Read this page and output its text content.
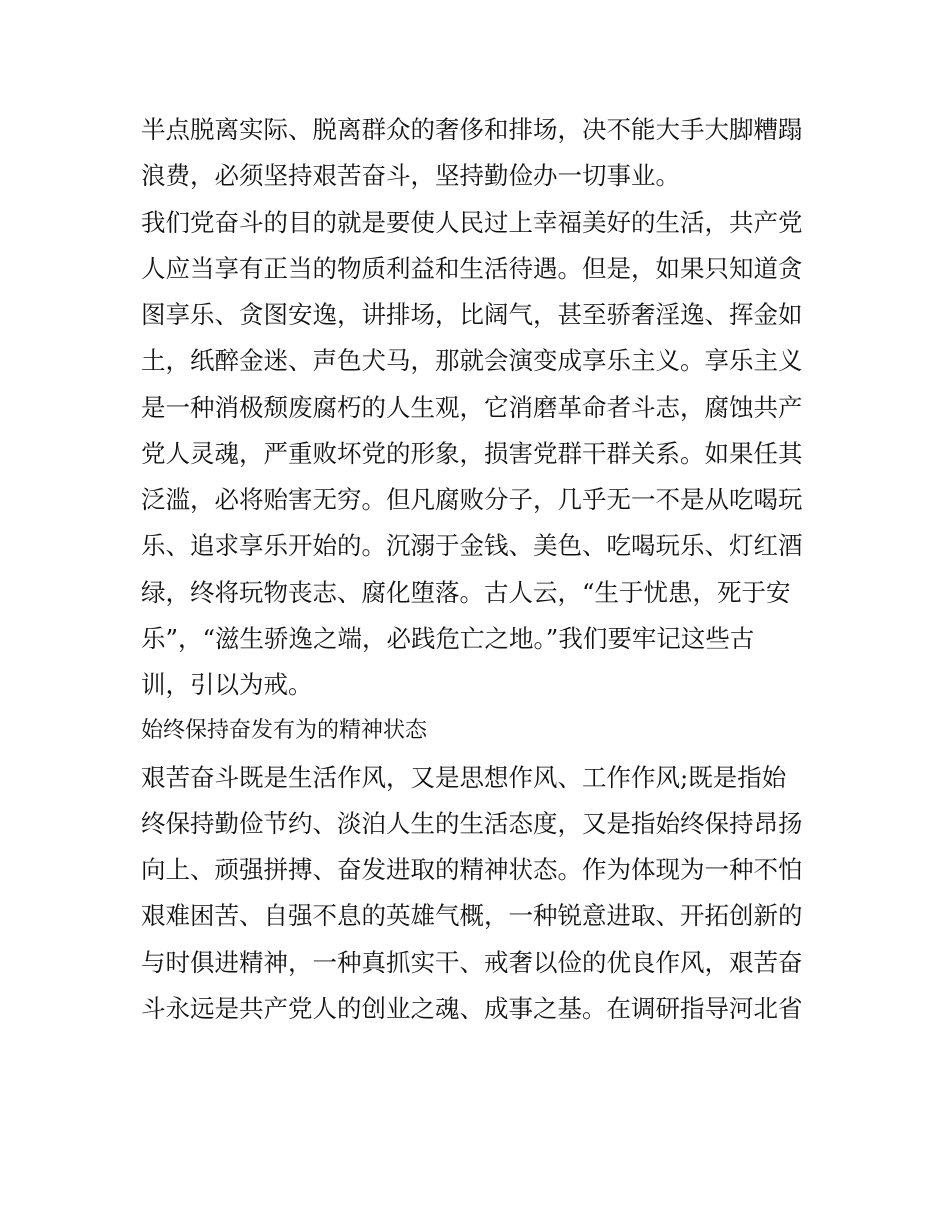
半点脱离实际、脱离群众的奢侈和排场，决不能大手大脚糟蹋
浪费，必须坚持艰苦奋斗，坚持勤俭办一切事业。
我们党奋斗的目的就是要使人民过上幸福美好的生活，共产党
人应当享有正当的物质利益和生活待遇。但是，如果只知道贪
图享乐、贪图安逸，讲排场，比阔气，甚至骄奢淫逸、挥金如
土，纸醉金迷、声色犬马，那就会演变成享乐主义。享乐主义
是一种消极颓废腐朽的人生观，它消磨革命者斗志，腐蚀共产
党人灵魂，严重败坏党的形象，损害党群干群关系。如果任其
泛滥，必将贻害无穷。但凡腐败分子，几乎无一不是从吃喝玩
乐、追求享乐开始的。沉溺于金钱、美色、吃喝玩乐、灯红酒
绿，终将玩物丧志、腐化堕落。古人云，“生于忧患，死于安
乐”，“滋生骄逸之端，必践危亡之地。”我们要牢记这些古
训，引以为戒。
始终保持奋发有为的精神状态
艰苦奋斗既是生活作风，又是思想作风、工作作风;既是指始
终保持勤俭节约、淡泊人生的生活态度，又是指始终保持昂扬
向上、顽强拼搏、奋发进取的精神状态。作为体现为一种不怕
艰难困苦、自强不息的英雄气概，一种锐意进取、开拓创新的
与时俱进精神，一种真抓实干、戒奢以俭的优良作风，艰苦奋
斗永远是共产党人的创业之魂、成事之基。在调研指导河北省
